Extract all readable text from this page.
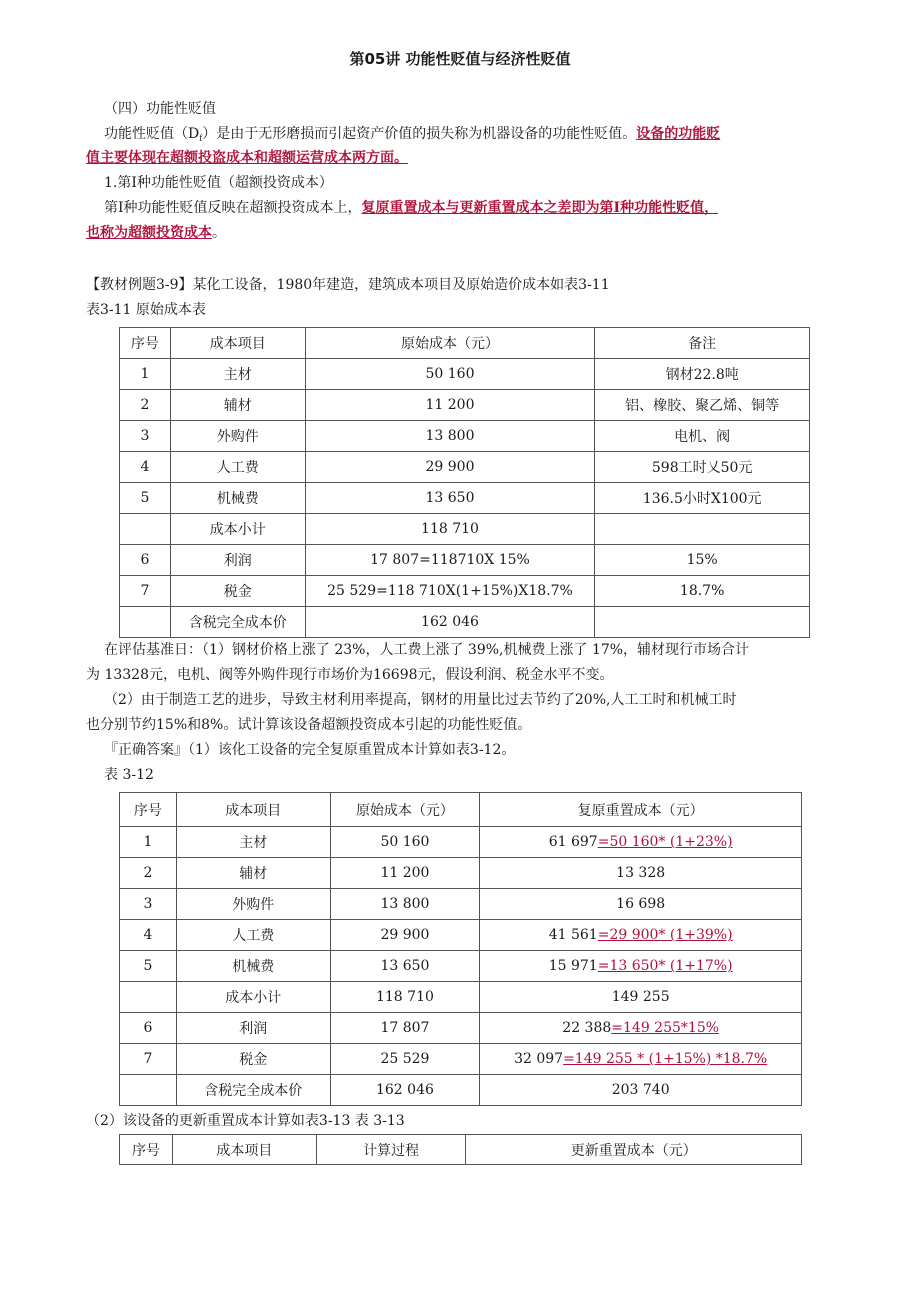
第05讲 功能性贬值与经济性贬值
（四）功能性贬值
功能性贬值$(D_f)$是由于无形磨损而引起资产价值的损失称为机器设备的功能性贬值。设备的功能贬
值主要体现在超额投盗成本和超额运营成本两方面。
1.第I种功能性贬值（超额投资成本）
第I种功能性贬值反映在超额投资成本上，复原重置成本与更新重置成本之差即为第I种功能性贬值，
也称为超额投资成本。
【教材例题3-9】某化工设备，1980年建造，建筑成本项目及原始造价成本如表3-11
表3-11 原始成本表
序号	成本项目	原始成本（元）	备注
1	主材	50 160	钢材22.8吨
2	辅材	11 200	铝、橡胶、聚乙烯、铜等
3	外购件	13 800	电机、阀
4	人工费	29 900	598工时乂50元
5	机械费	13 650	136.5小时X100元
	成本小计	118 710	
6	利润	17 807=118710X 15%	15%
7	税金	25 529=118 710X(1+15%)X18.7%	18.7%
	含税完全成本价	162 046	
在评估基准日：（1）钢材价格上涨了 23%，人工费上涨了 39%,机械费上涨了 17%，辅材现行市场合计
为 13328元，电机、阀等外购件现行市场价为16698元，假设利润、税金水平不变。
（2）由于制造工艺的进步，导致主材利用率提高，钢材的用量比过去节约了20%,人工工时和机械工时
也分别节约15%和8%。试计算该设备超额投资成本引起的功能性贬值。
『正确答案』（1）该化工设备的完全复原重置成本计算如表3-12。
表 3-12
序号	成本项目	原始成本（元）	复原重置成本（元）
1	主材	50 160	61 697=50 160* (1+23%)
2	辅材	11 200	13 328
3	外购件	13 800	16 698
4	人工费	29 900	41 561=29 900* (1+39%)
5	机械费	13 650	15 971=13 650* (1+17%)
	成本小计	118 710	149 255
6	利润	17 807	22 388=149 255*15%
7	税金	25 529	32 097=149 255 * (1+15%) *18.7%
	含税完全成本价	162 046	203 740
（2）该设备的更新重置成本计算如表3-13 表 3-13
序号	成本项目	计算过程	更新重置成本（元）
